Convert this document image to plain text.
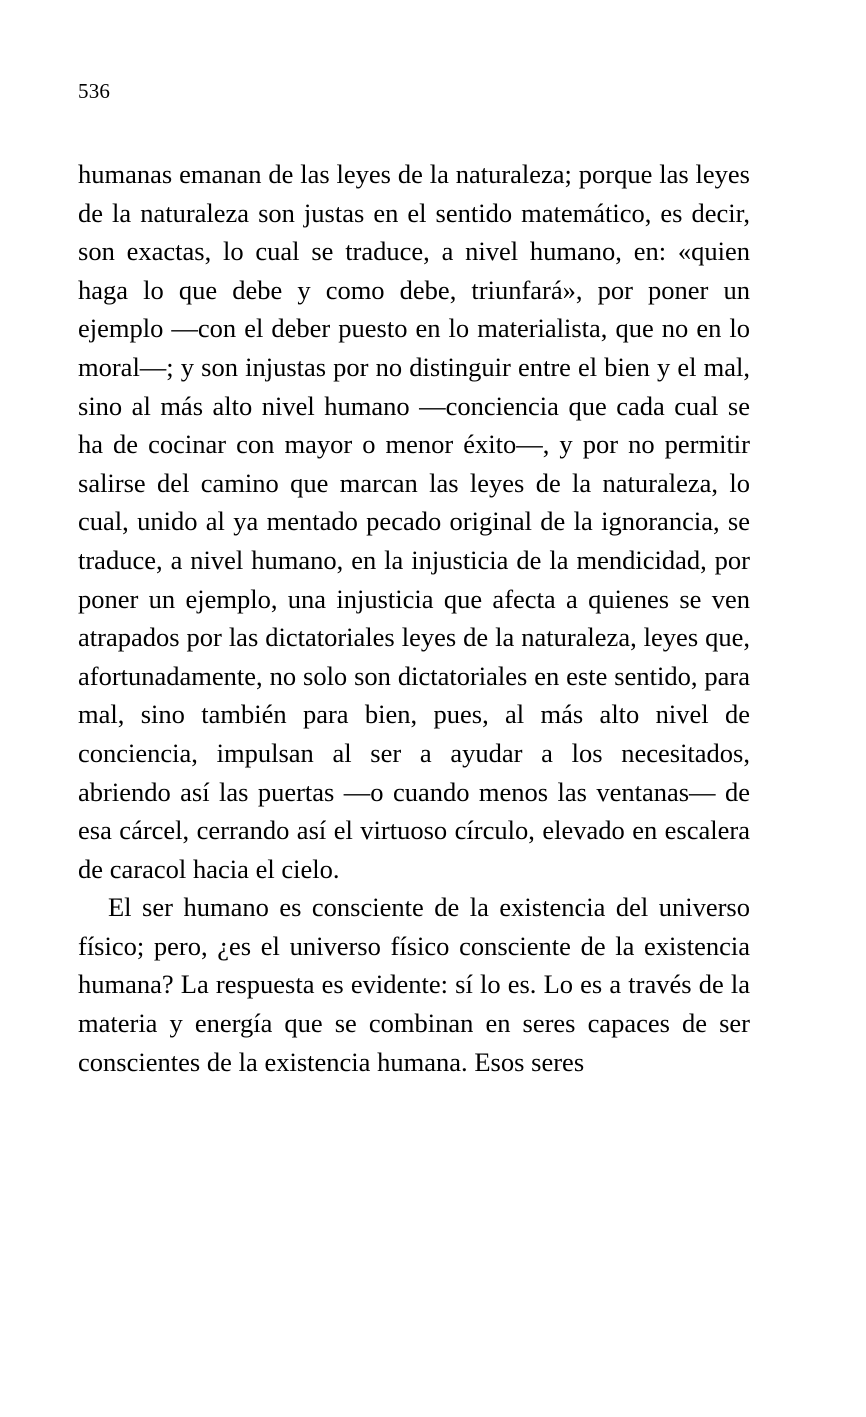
536

humanas emanan de las leyes de la naturaleza; porque las leyes de la naturaleza son justas en el sentido matemático, es decir, son exactas, lo cual se traduce, a nivel humano, en: «quien haga lo que debe y como debe, triunfará», por poner un ejemplo —con el deber puesto en lo materialista, que no en lo moral—; y son injustas por no distinguir entre el bien y el mal, sino al más alto nivel humano —conciencia que cada cual se ha de cocinar con mayor o menor éxito—, y por no permitir salirse del camino que marcan las leyes de la naturaleza, lo cual, unido al ya mentado pecado original de la ignorancia, se traduce, a nivel humano, en la injusticia de la mendicidad, por poner un ejemplo, una injusticia que afecta a quienes se ven atrapados por las dictatoriales leyes de la naturaleza, leyes que, afortunadamente, no solo son dictatoriales en este sentido, para mal, sino también para bien, pues, al más alto nivel de conciencia, impulsan al ser a ayudar a los necesitados, abriendo así las puertas —o cuando menos las ventanas— de esa cárcel, cerrando así el virtuoso círculo, elevado en escalera de caracol hacia el cielo.

El ser humano es consciente de la existencia del universo físico; pero, ¿es el universo físico consciente de la existencia humana? La respuesta es evidente: sí lo es. Lo es a través de la materia y energía que se combinan en seres capaces de ser conscientes de la existencia humana. Esos seres
